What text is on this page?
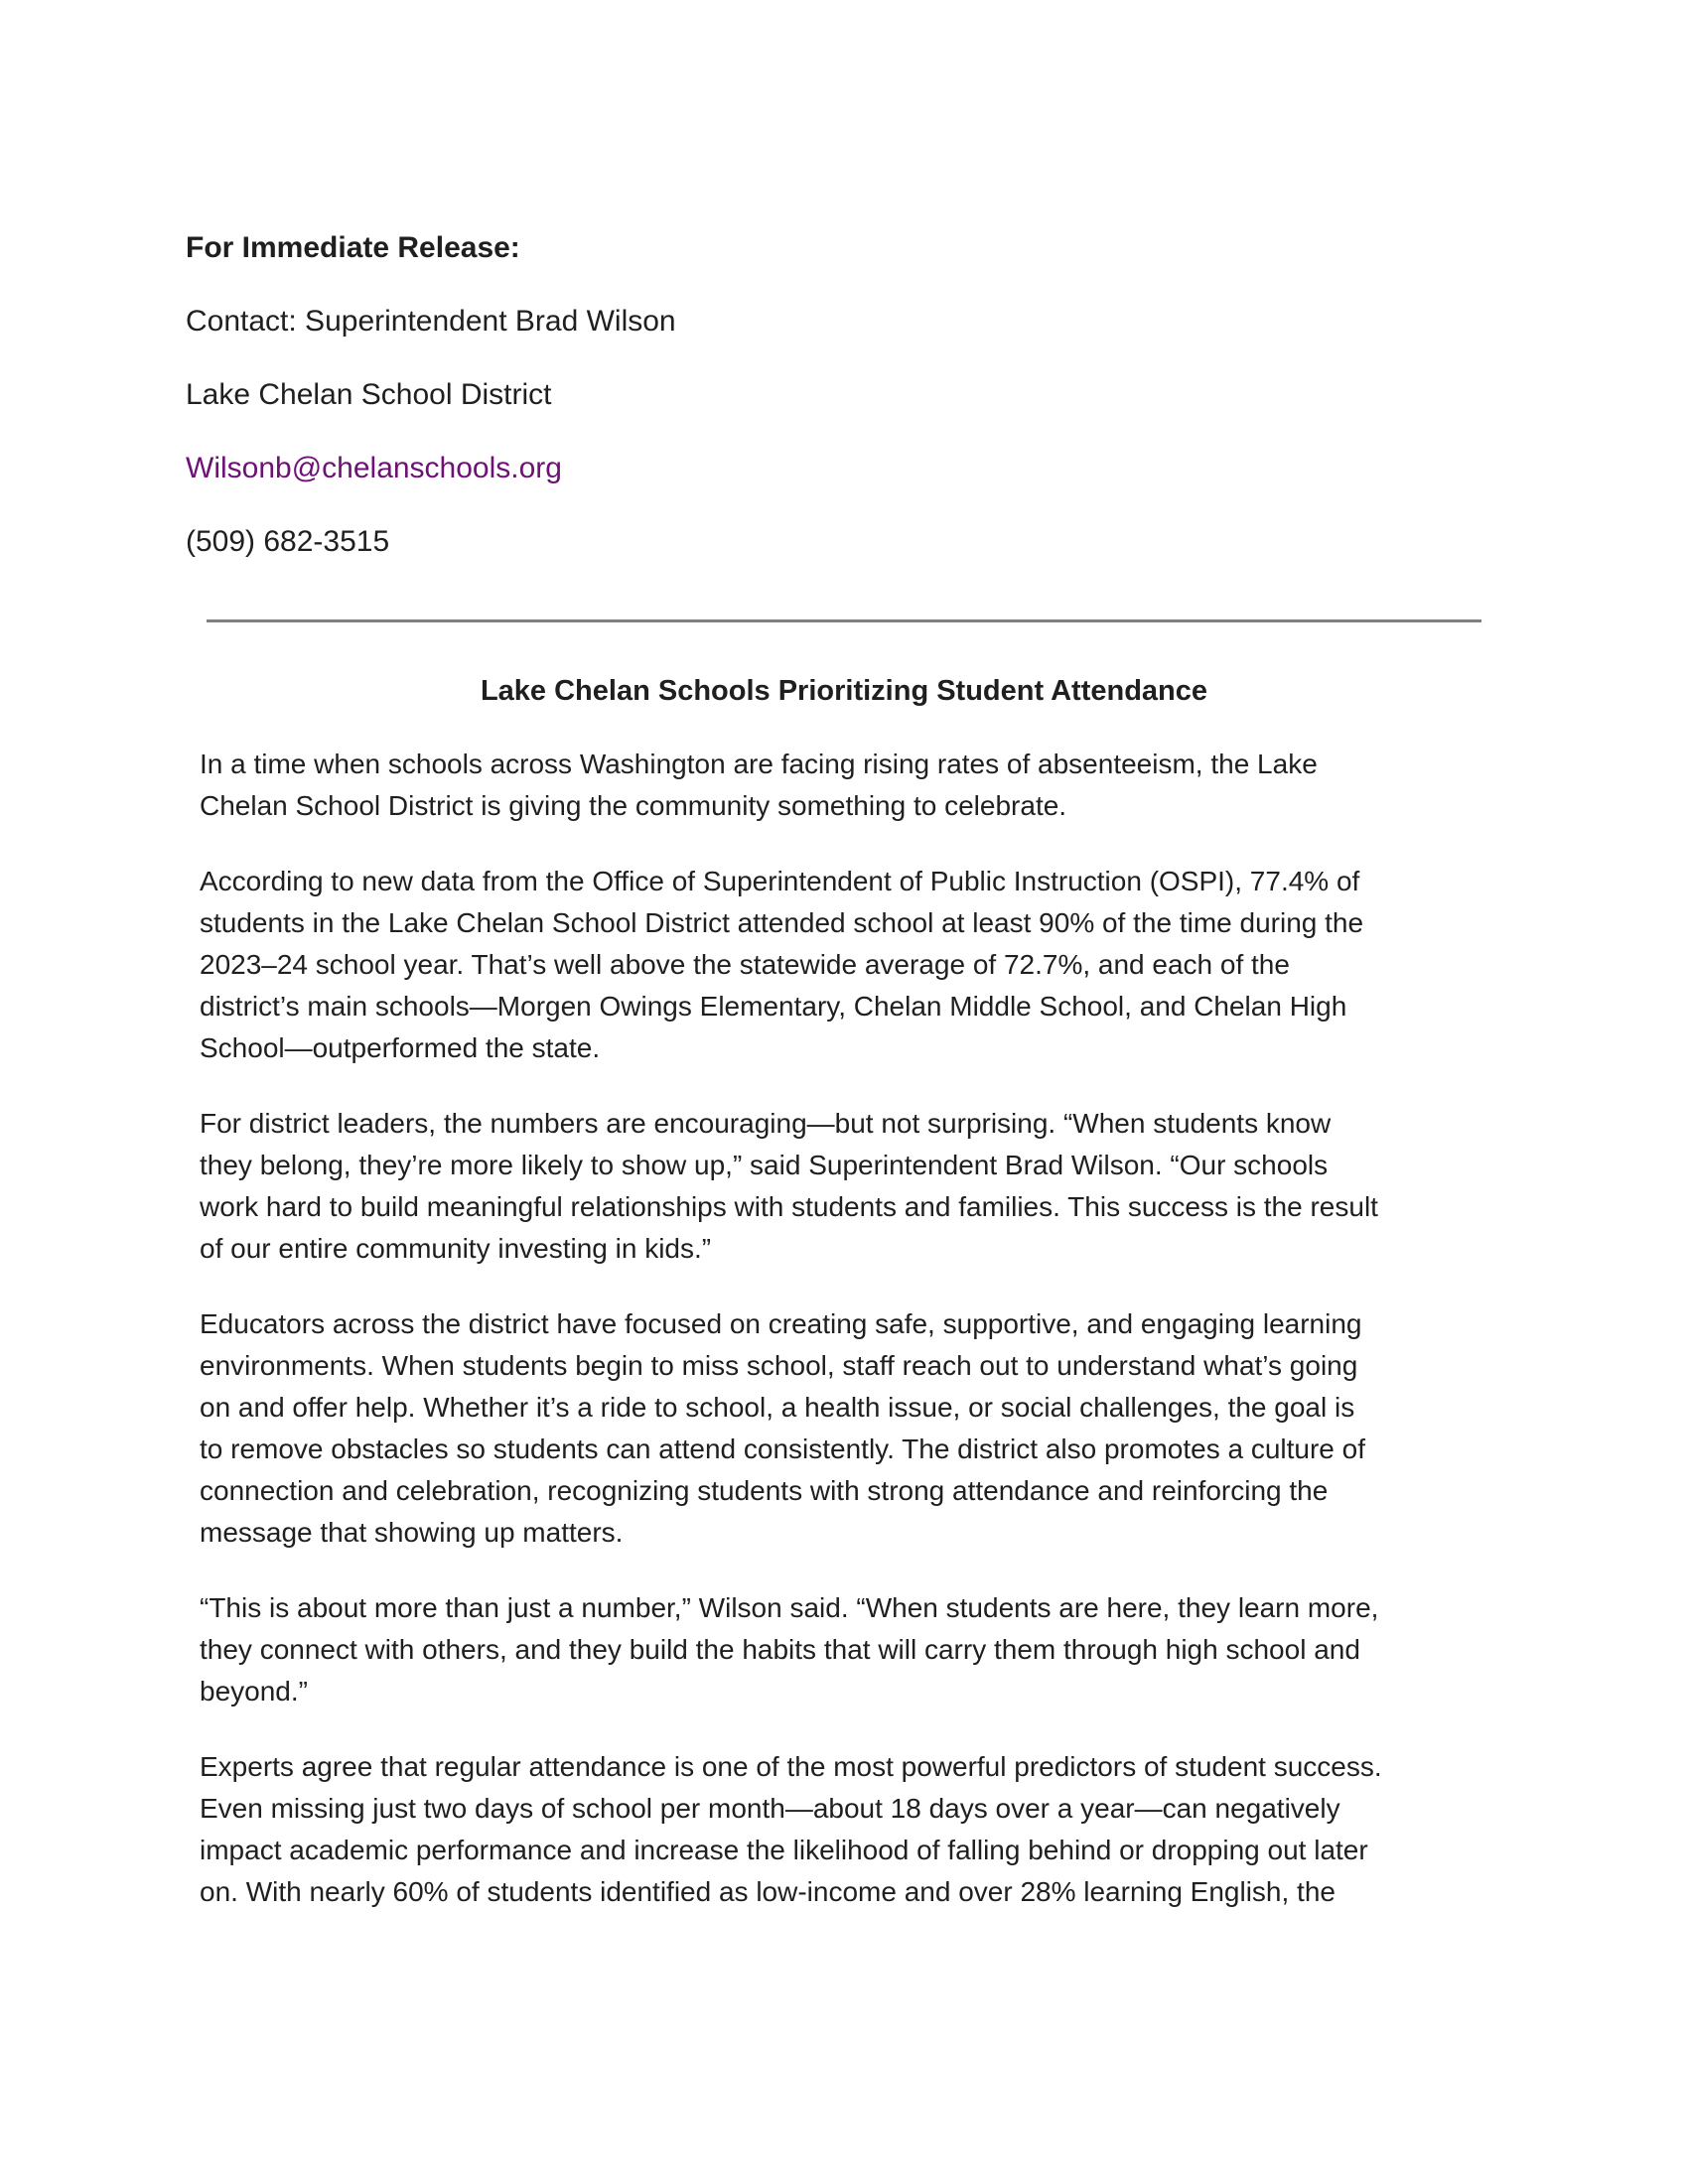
For Immediate Release:
Contact: Superintendent Brad Wilson
Lake Chelan School District
Wilsonb@chelanschools.org
(509) 682-3515
Lake Chelan Schools Prioritizing Student Attendance

In a time when schools across Washington are facing rising rates of absenteeism, the Lake
Chelan School District is giving the community something to celebrate.

According to new data from the Office of Superintendent of Public Instruction (OSPI), 77.4% of
students in the Lake Chelan School District attended school at least 90% of the time during the
2023–24 school year. That’s well above the statewide average of 72.7%, and each of the
district’s main schools—Morgen Owings Elementary, Chelan Middle School, and Chelan High
School—outperformed the state.

For district leaders, the numbers are encouraging—but not surprising. “When students know
they belong, they’re more likely to show up,” said Superintendent Brad Wilson. “Our schools
work hard to build meaningful relationships with students and families. This success is the result
of our entire community investing in kids.”

Educators across the district have focused on creating safe, supportive, and engaging learning
environments. When students begin to miss school, staff reach out to understand what’s going
on and offer help. Whether it’s a ride to school, a health issue, or social challenges, the goal is
to remove obstacles so students can attend consistently. The district also promotes a culture of
connection and celebration, recognizing students with strong attendance and reinforcing the
message that showing up matters.

“This is about more than just a number,” Wilson said. “When students are here, they learn more,
they connect with others, and they build the habits that will carry them through high school and
beyond.”

Experts agree that regular attendance is one of the most powerful predictors of student success.
Even missing just two days of school per month—about 18 days over a year—can negatively
impact academic performance and increase the likelihood of falling behind or dropping out later
on. With nearly 60% of students identified as low-income and over 28% learning English, the
